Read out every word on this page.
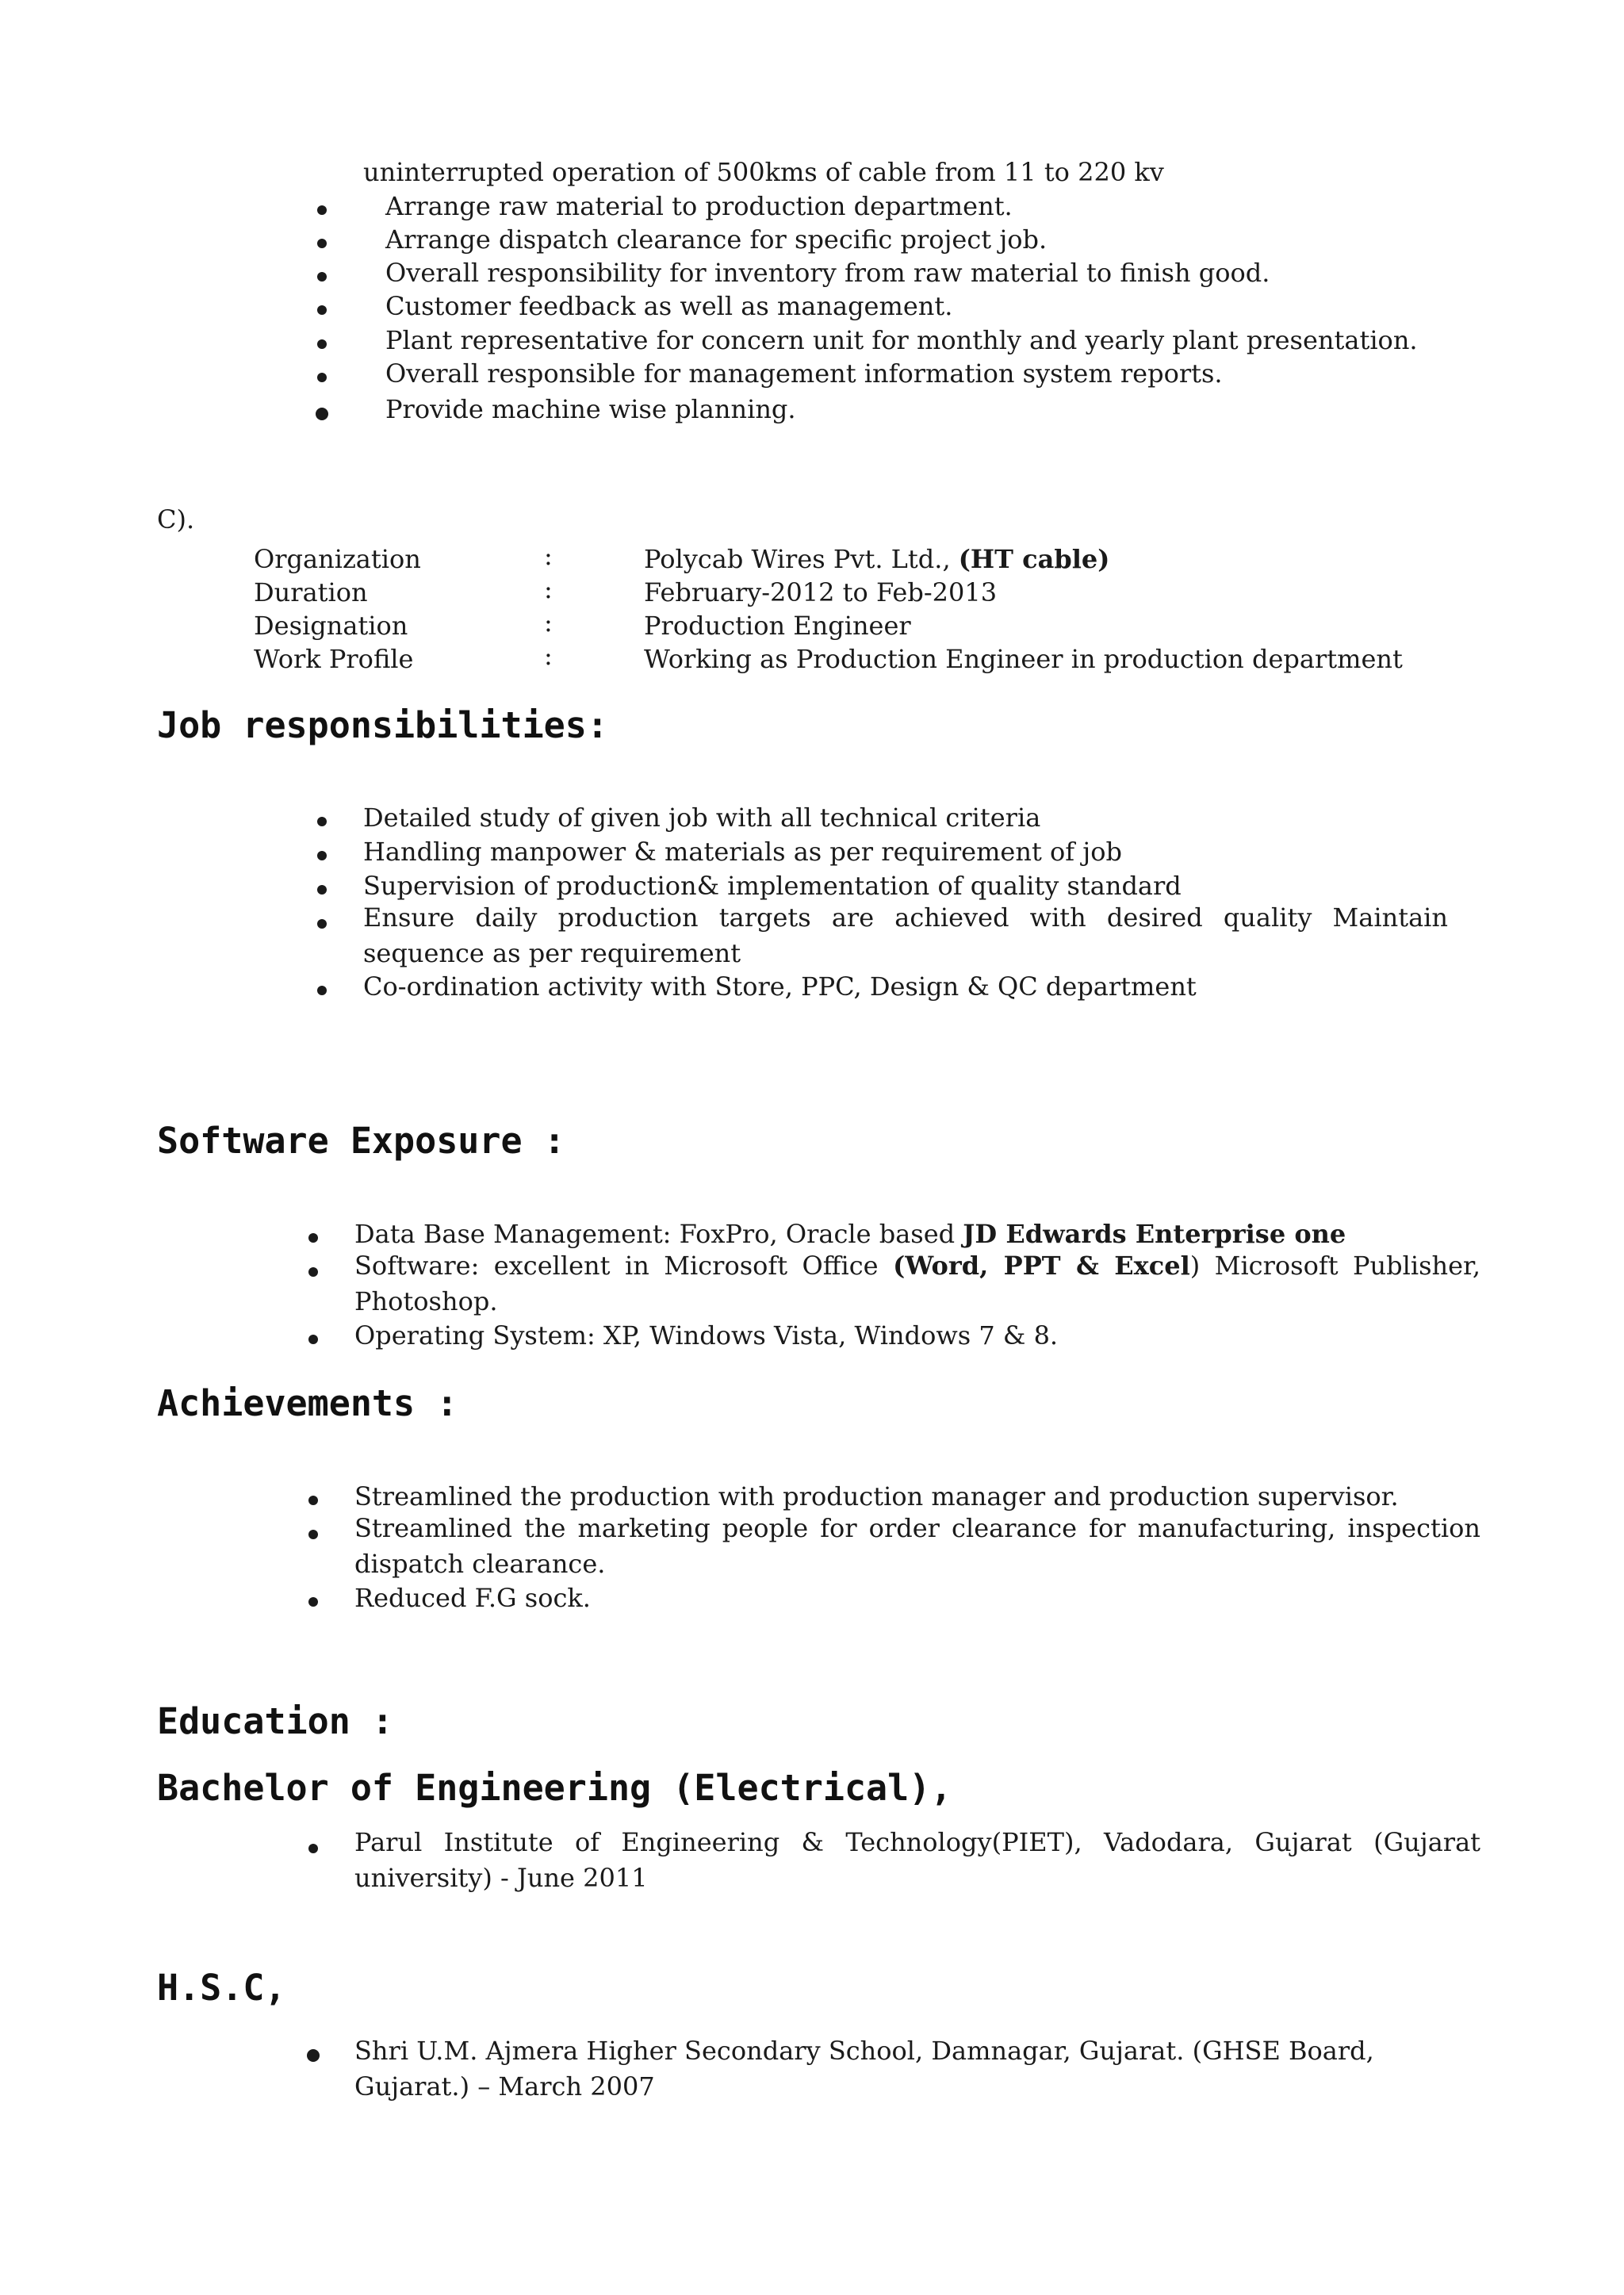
uninterrupted operation of 500kms of cable from 11 to 220 kv
Arrange raw material to production department.
Arrange dispatch clearance for specific project job.
Overall responsibility for inventory from raw material to finish good.
Customer feedback as well as management.
Plant representative for concern unit for monthly and yearly plant presentation.
Overall responsible for management information system reports.
Provide machine wise planning.
C).
Organization	:	Polycab Wires Pvt. Ltd., (HT cable)
Duration	:	February-2012 to Feb-2013
Designation	:	Production Engineer
Work Profile	:	Working as Production Engineer in production department
Job responsibilities:
Detailed study of given job with all technical criteria
Handling manpower & materials as per requirement of job
Supervision of production& implementation of quality standard
Ensure daily production targets are achieved with desired quality Maintain
sequence as per requirement
Co-ordination activity with Store, PPC, Design & QC department
Software Exposure :
Data Base Management: FoxPro, Oracle based JD Edwards Enterprise one
Software: excellent in Microsoft Office (Word, PPT & Excel) Microsoft Publisher,
Photoshop.
Operating System: XP, Windows Vista, Windows 7 & 8.
Achievements :
Streamlined the production with production manager and production supervisor.
Streamlined the marketing people for order clearance for manufacturing, inspection
dispatch clearance.
Reduced F.G sock.
Education :
Bachelor of Engineering (Electrical),
Parul Institute of Engineering & Technology(PIET), Vadodara, Gujarat (Gujarat
university) - June 2011
H.S.C,
Shri U.M. Ajmera Higher Secondary School, Damnagar, Gujarat. (GHSE Board,
Gujarat.) – March 2007
